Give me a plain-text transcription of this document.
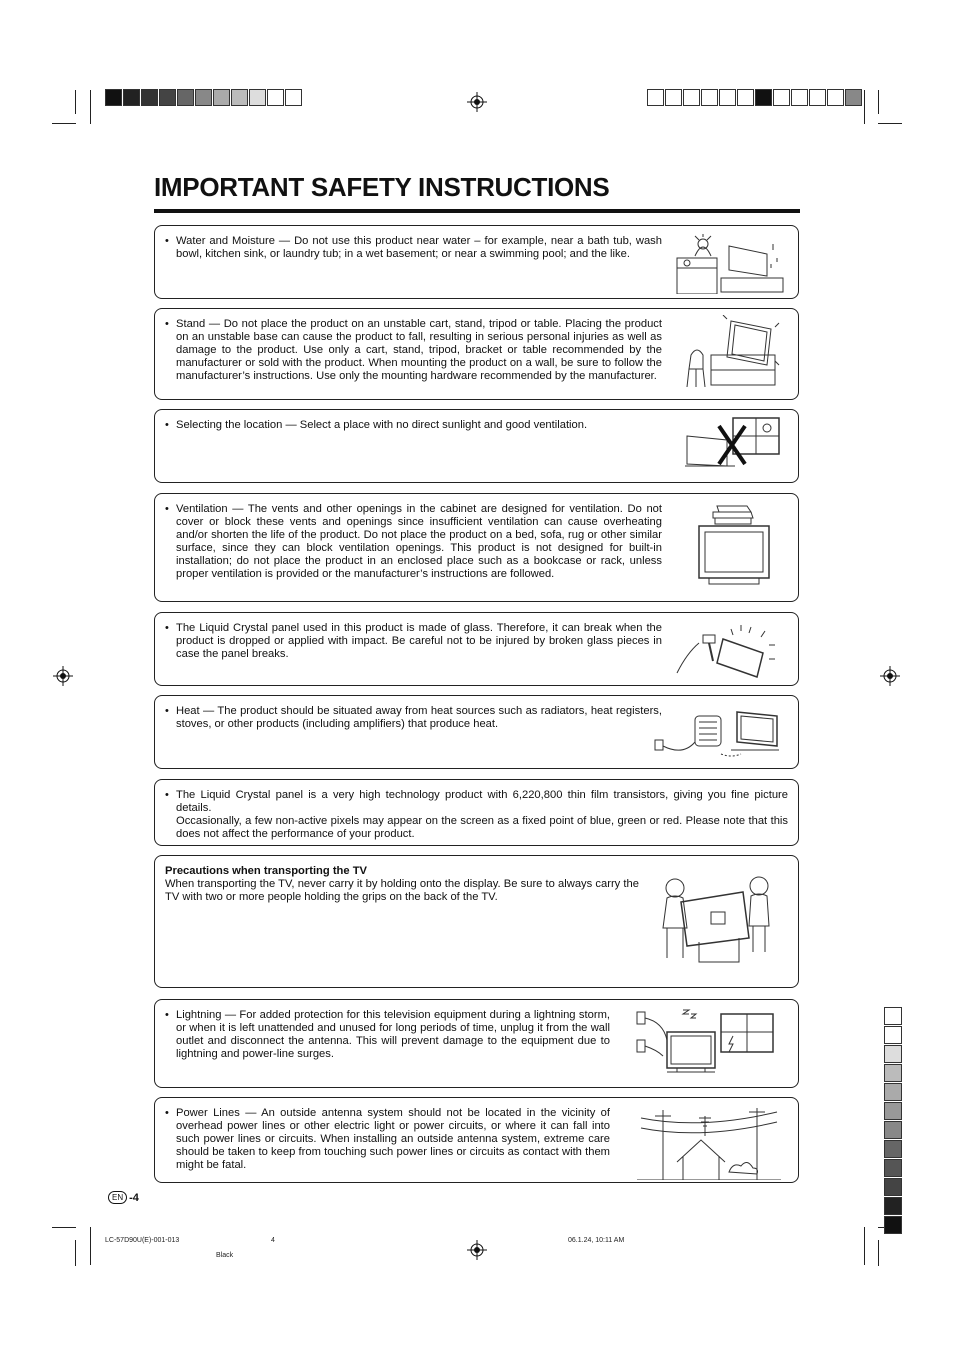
IMPORTANT SAFETY INSTRUCTIONS
• Water and Moisture — Do not use this product near water – for example, near a bath tub, wash bowl, kitchen sink, or laundry tub; in a wet basement; or near a swimming pool; and the like.
• Stand — Do not place the product on an unstable cart, stand, tripod or table. Placing the product on an unstable base can cause the product to fall, resulting in serious personal injuries as well as damage to the product. Use only a cart, stand, tripod, bracket or table recommended by the manufacturer or sold with the product. When mounting the product on a wall, be sure to follow the manufacturer’s instructions. Use only the mounting hardware recommended by the manufacturer.
• Selecting the location — Select a place with no direct sunlight and good ventilation.
• Ventilation — The vents and other openings in the cabinet are designed for ventilation. Do not cover or block these vents and openings since insufficient ventilation can cause overheating and/or shorten the life of the product. Do not place the product on a bed, sofa, rug or other similar surface, since they can block ventilation openings. This product is not designed for built-in installation; do not place the product in an enclosed place such as a bookcase or rack, unless proper ventilation is provided or the manufacturer’s instructions are followed.
• The Liquid Crystal panel used in this product is made of glass. Therefore, it can break when the product is dropped or applied with impact. Be careful not to be injured by broken glass pieces in case the panel breaks.
• Heat — The product should be situated away from heat sources such as radiators, heat registers, stoves, or other products (including amplifiers) that produce heat.
• The Liquid Crystal panel is a very high technology product with 6,220,800 thin film transistors, giving you fine picture details.
Occasionally, a few non-active pixels may appear on the screen as a fixed point of blue, green or red. Please note that this does not affect the performance of your product.
Precautions when transporting the TV
When transporting the TV, never carry it by holding onto the display. Be sure to always carry the TV with two or more people holding the grips on the back of the TV.
• Lightning — For added protection for this television equipment during a lightning storm, or when it is left unattended and unused for long periods of time, unplug it from the wall outlet and disconnect the antenna. This will prevent damage to the equipment due to lightning and power-line surges.
• Power Lines — An outside antenna system should not be located in the vicinity of overhead power lines or other electric light or power circuits, or where it can fall into such power lines or circuits. When installing an outside antenna system, extreme care should be taken to keep from touching such power lines or circuits as contact with them might be fatal.
EN -4
LC-57D90U(E)-001-013	4	06.1.24, 10:11 AM
Black
